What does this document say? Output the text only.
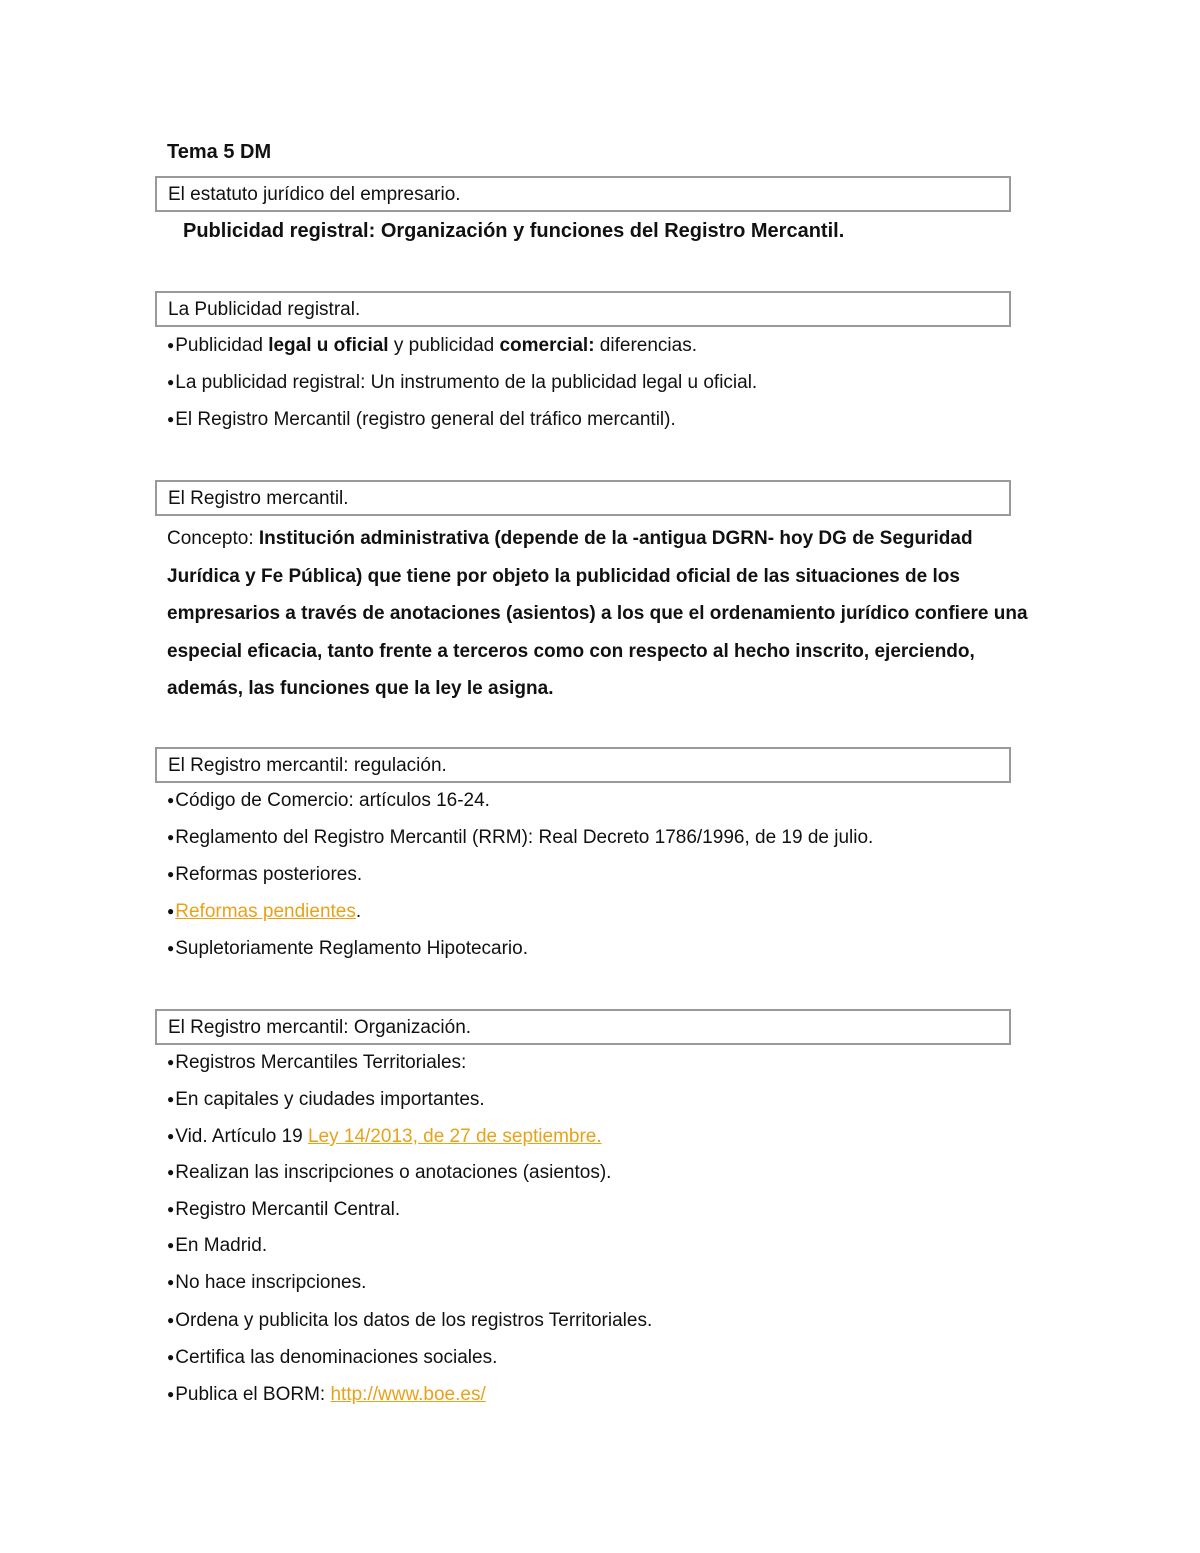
Tema 5 DM
El estatuto jurídico del empresario.
Publicidad registral: Organización y funciones del Registro Mercantil.
La Publicidad registral.
●Publicidad legal u oficial y publicidad comercial: diferencias.
●La publicidad registral: Un instrumento de la publicidad legal u oficial.
●El Registro Mercantil (registro general del tráfico mercantil).
El Registro mercantil.

Concepto: Institución administrativa (depende de la -antigua DGRN- hoy DG de Seguridad Jurídica y Fe Pública) que tiene por objeto la publicidad oficial de las situaciones de los empresarios a través de anotaciones (asientos) a los que el ordenamiento jurídico confiere una especial eficacia, tanto frente a terceros como con respecto al hecho inscrito, ejerciendo, además, las funciones que la ley le asigna.

El Registro mercantil: regulación.
●Código de Comercio: artículos 16-24.
●Reglamento del Registro Mercantil (RRM): Real Decreto 1786/1996, de 19 de julio.
●Reformas posteriores.
●Reformas pendientes.
●Supletoriamente Reglamento Hipotecario.
El Registro mercantil: Organización.
●Registros Mercantiles Territoriales:
●En capitales y ciudades importantes.
●Vid. Artículo 19 Ley 14/2013, de 27 de septiembre.
●Realizan las inscripciones o anotaciones (asientos).
●Registro Mercantil Central.
●En Madrid.
●No hace inscripciones.
●Ordena y publicita los datos de los registros Territoriales.
●Certifica las denominaciones sociales.
●Publica el BORM: http://www.boe.es/
